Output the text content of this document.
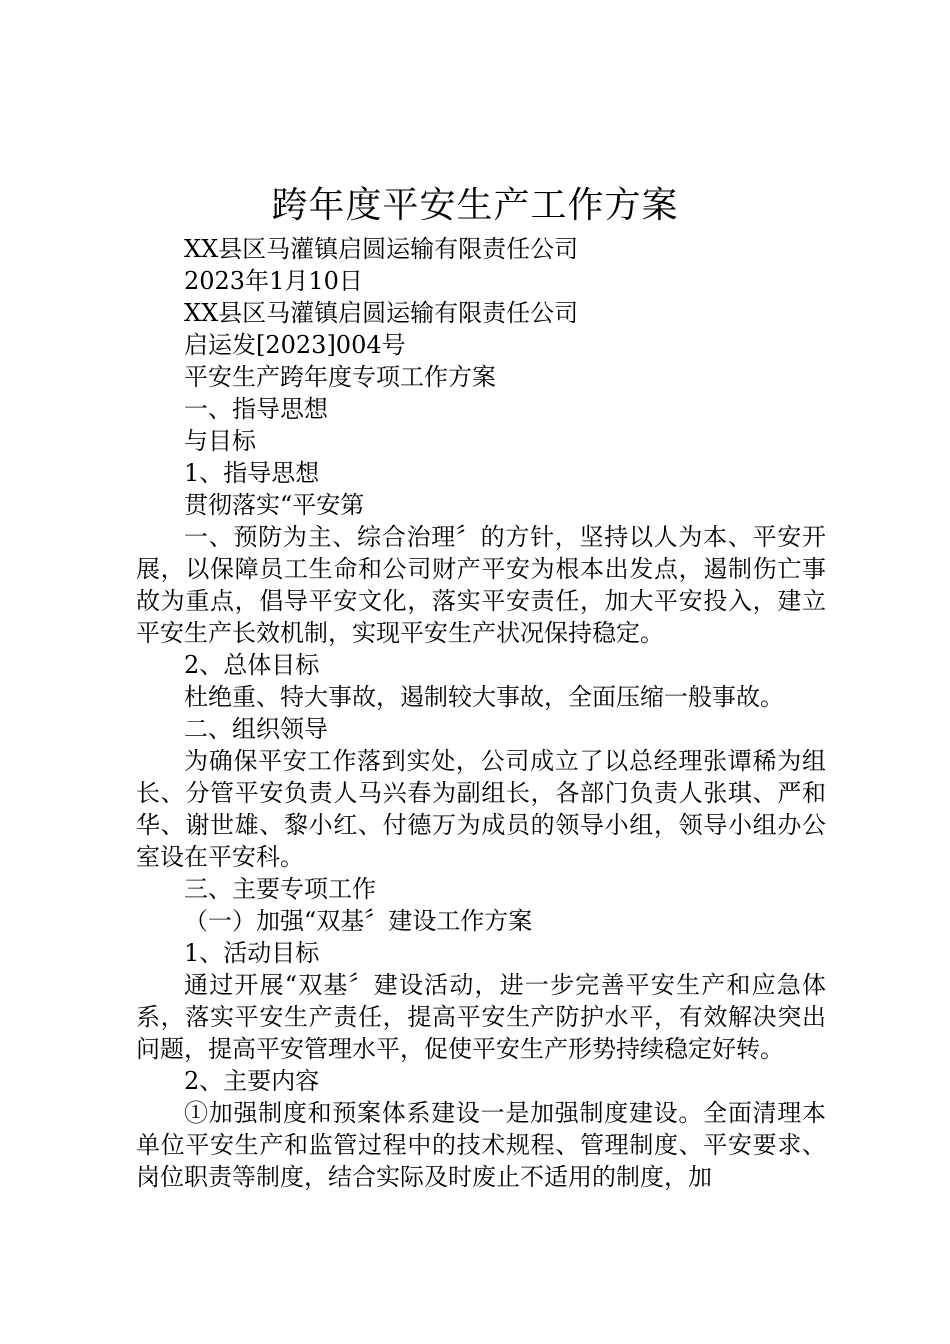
跨年度平安生产工作方案

XX县区马灌镇启圆运输有限责任公司

2023年1月10日

XX县区马灌镇启圆运输有限责任公司

启运发[2023]004号

平安生产跨年度专项工作方案

一、指导思想

与目标

1、指导思想

贯彻落实“平安第

一、预防为主、综合治理〞的方针，坚持以人为本、平安开展，以保障员工生命和公司财产平安为根本出发点，遏制伤亡事故为重点，倡导平安文化，落实平安责任，加大平安投入，建立平安生产长效机制，实现平安生产状况保持稳定。

2、总体目标

杜绝重、特大事故，遏制较大事故，全面压缩一般事故。

二、组织领导

为确保平安工作落到实处，公司成立了以总经理张谭稀为组长、分管平安负责人马兴春为副组长，各部门负责人张琪、严和华、谢世雄、黎小红、付德万为成员的领导小组，领导小组办公室设在平安科。

三、主要专项工作

（一）加强“双基〞建设工作方案

1、活动目标

通过开展“双基〞建设活动，进一步完善平安生产和应急体系，落实平安生产责任，提高平安生产防护水平，有效解决突出问题，提高平安管理水平，促使平安生产形势持续稳定好转。

2、主要内容

①加强制度和预案体系建设一是加强制度建设。全面清理本单位平安生产和监管过程中的技术规程、管理制度、平安要求、岗位职责等制度，结合实际及时废止不适用的制度，加
